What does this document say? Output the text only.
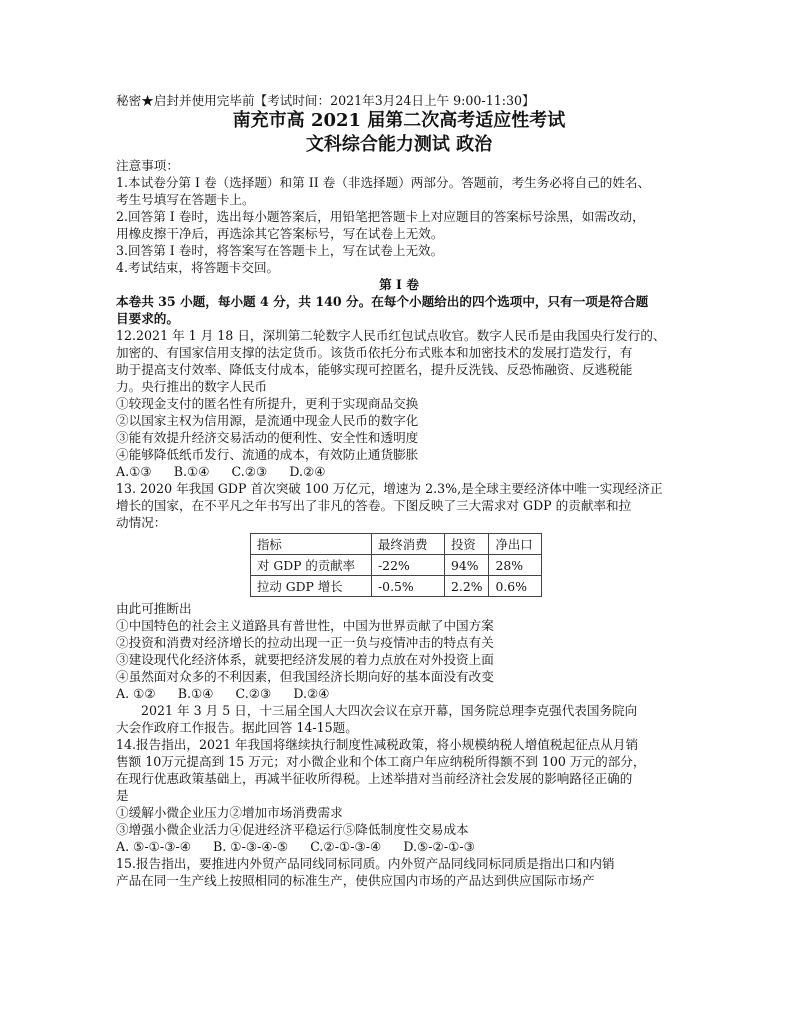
秘密★启封并使用完毕前【考试时间：2021年3月24日上午 9:00-11:30】
南充市高 2021 届第二次高考适应性考试
文科综合能力测试 政治
注意事项：
1.本试卷分第 I 卷（选择题）和第 II 卷（非选择题）两部分。答题前，考生务必将自己的姓名、
考生号填写在答题卡上。
2.回答第 I 卷时，选出每小题答案后，用铅笔把答题卡上对应题目的答案标号涂黑，如需改动，
用橡皮擦干净后，再选涂其它答案标号，写在试卷上无效。
3.回答第 I 卷时，将答案写在答题卡上，写在试卷上无效。
4.考试结束，将答题卡交回。
第 I 卷
本卷共 35 小题，每小题 4 分，共 140 分。在每个小题给出的四个选项中，只有一项是符合题
目要求的。
12.2021 年 1 月 18 日，深圳第二轮数字人民币红包试点收官。数字人民币是由我国央行发行的、
加密的、有国家信用支撑的法定货币。该货币依托分布式账本和加密技术的发展打造发行，有
助于提高支付效率、降低支付成本，能够实现可控匿名，提升反洗钱、反恐怖融资、反逃税能
力。央行推出的数字人民币
①较现金支付的匿名性有所提升，更利于实现商品交换
②以国家主权为信用源，是流通中现金人民币的数字化
③能有效提升经济交易活动的便利性、安全性和透明度
④能够降低纸币发行、流通的成本，有效防止通货膨胀
A.①③ B.①④ C.②③ D.②④
13. 2020 年我国 GDP 首次突破 100 万亿元，增速为 2.3%,是全球主要经济体中唯一实现经济正
增长的国家，在不平凡之年书写出了非凡的答卷。下图反映了三大需求对 GDP 的贡献率和拉
动情况：
指标	最终消费	投资	净出口
对 GDP 的贡献率	-22%	94%	28%
拉动 GDP 增长	-0.5%	2.2%	0.6%
由此可推断出
①中国特色的社会主义道路具有普世性，中国为世界贡献了中国方案
②投资和消费对经济增长的拉动出现一正一负与疫情冲击的特点有关
③建设现代化经济体系，就要把经济发展的着力点放在对外投资上面
④虽然面对众多的不利因素，但我国经济长期向好的基本面没有改变
A. ①② B.①④ C.②③ D.②④
2021 年 3 月 5 日，十三届全国人大四次会议在京开幕，国务院总理李克强代表国务院向
大会作政府工作报告。据此回答 14-15题。
14.报告指出，2021 年我国将继续执行制度性减税政策，将小规模纳税人增值税起征点从月销
售额 10万元提高到 15 万元；对小微企业和个体工商户年应纳税所得额不到 100 万元的部分，
在现行优惠政策基础上，再减半征收所得税。上述举措对当前经济社会发展的影响路径正确的
是
①缓解小微企业压力②增加市场消费需求
③增强小微企业活力④促进经济平稳运行⑤降低制度性交易成本
A. ⑤-①-③-④ B. ①-③-④-⑤ C.②-①-③-④ D.⑤-②-①-③
15.报告指出，要推进内外贸产品同线同标同质。内外贸产品同线同标同质是指出口和内销
产品在同一生产线上按照相同的标准生产，使供应国内市场的产品达到供应国际市场产
